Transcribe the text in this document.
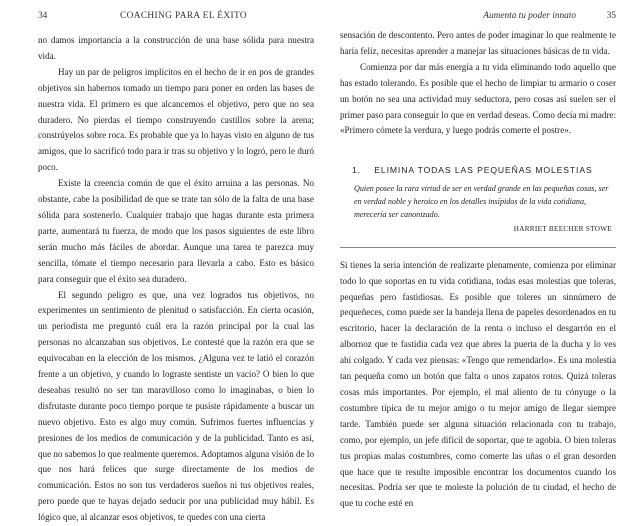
34	COACHING PARA EL ÉXITO

no damos importancia a la construcción de una base sólida para nuestra vida.

Hay un par de peligros implícitos en el hecho de ir en pos de grandes objetivos sin habernos tomado un tiempo para poner en orden las bases de nuestra vida. El primero es que alcancemos el objetivo, pero que no sea duradero. No pierdas el tiempo construyendo castillos sobre la arena; constrúyelos sobre roca. Es probable que ya lo hayas visto en alguno de tus amigos, que lo sacrificó todo para ir tras su objetivo y lo logró, pero le duró poco.

Existe la creencia común de que el éxito arruina a las personas. No obstante, cabe la posibilidad de que se trate tan sólo de la falta de una base sólida para sostenerlo. Cualquier trabajo que hagas durante esta primera parte, aumentará tu fuerza, de modo que los pasos siguientes de este libro serán mucho más fáciles de abordar. Aunque una tarea te parezca muy sencilla, tómate el tiempo necesario para llevarla a cabo. Esto es básico para conseguir que el éxito sea duradero.

El segundo peligro es que, una vez logrados tus objetivos, no experimentes un sentimiento de plenitud o satisfacción. En cierta ocasión, un periodista me preguntó cuál era la razón principal por la cual las personas no alcanzaban sus objetivos. Le contesté que la razón era que se equivocaban en la elección de los mismos. ¿Alguna vez te latió el corazón frente a un objetivo, y cuando lo lograste sentiste un vacío? O bien lo que deseabas resultó no ser tan maravilloso como lo imaginabas, o bien lo disfrutaste durante poco tiempo porque te pusiste rápidamente a buscar un nuevo objetivo. Esto es algo muy común. Sufrimos fuertes influencias y presiones de los medios de comunicación y de la publicidad. Tanto es así, que no sabemos lo que realmente queremos. Adoptamos alguna visión de lo que nos hará felices que surge directamente de los medios de comunicación. Estos no son tus verdaderos sueños ni tus objetivos reales, pero puede que te hayas dejado seducir por una publicidad muy hábil. Es lógico que, al alcanzar esos objetivos, te quedes con una cierta

Aumenta tu poder innato	35

sensación de descontento. Pero antes de poder imaginar lo que realmente te haría feliz, necesitas aprender a manejar las situaciones básicas de tu vida.

Comienza por dar más energía a tu vida eliminando todo aquello que has estado tolerando. Es posible que el hecho de limpiar tu armario o coser un botón no sea una actividad muy seductora, pero cosas así suelen ser el primer paso para conseguir lo que en verdad deseas. Como decía mi madre: «Primero cómete la verdura, y luego podrás comerte el postre».

1. ELIMINA TODAS LAS PEQUEÑAS MOLESTIAS

Quien posee la rara virtud de ser en verdad grande en las pequeñas cosas, ser en verdad noble y heroico en los detalles insípidos de la vida cotidiana, merecería ser canonizado.

HARRIET BEECHER STOWE

Si tienes la seria intención de realizarte plenamente, comienza por eliminar todo lo que soportas en tu vida cotidiana, todas esas molestias que toleras, pequeñas pero fastidiosas. Es posible que toleres un sinnúmero de pequeñeces, como puede ser la bandeja llena de papeles desordenados en tu escritorio, hacer la declaración de la renta o incluso el desgarrón en el albornoz que te fastidia cada vez que abres la puerta de la ducha y lo ves ahí colgado. Y cada vez piensas: «Tengo que remendarlo». Es una molestia tan pequeña como un botón que falta o unos zapatos rotos. Quizá toleras cosas más importantes. Por ejemplo, el mal aliento de tu cónyuge o la costumbre típica de tu mejor amigo o tu mejor amigo de llegar siempre tarde. También puede ser alguna situación relacionada con tu trabajo, como, por ejemplo, un jefe difícil de soportar, que te agobia. O bien toleras tus propias malas costumbres, como comerte las uñas o el gran desorden que hace que te resulte imposible encontrar los documentos cuando los necesitas. Podría ser que te moleste la polución de tu ciudad, el hecho de que tu coche esté en
